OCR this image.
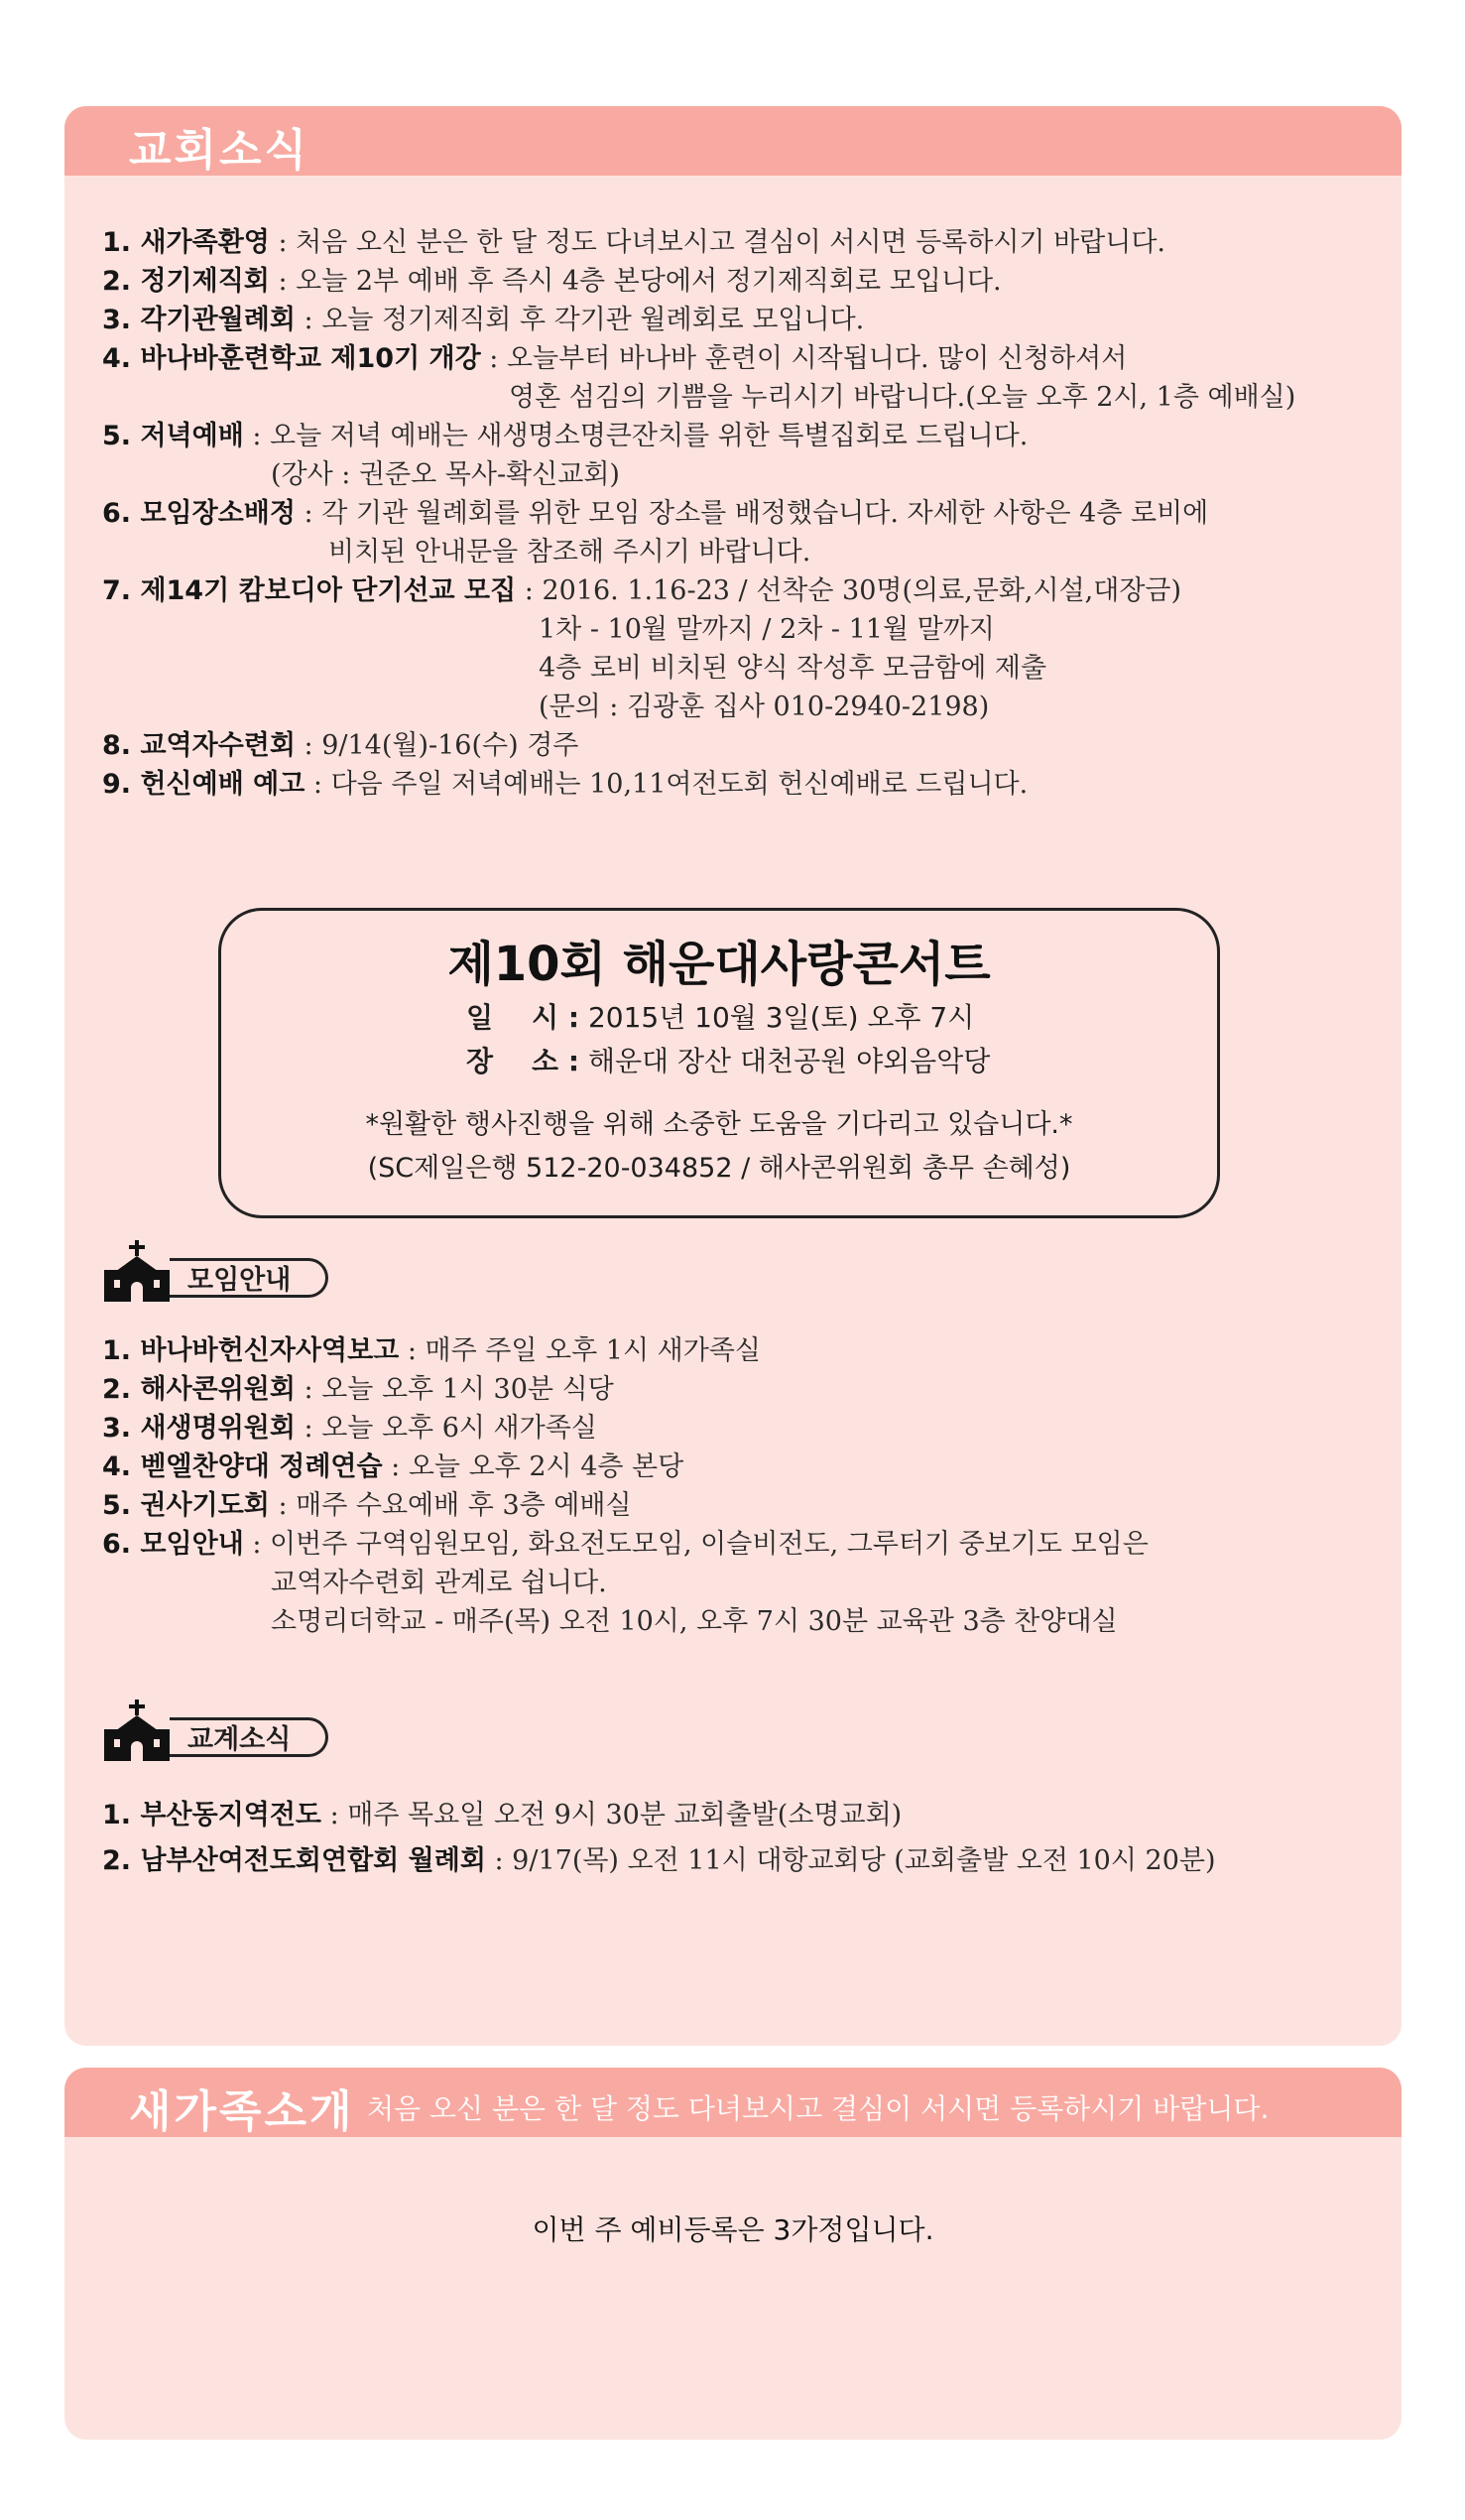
교회소식
1. 새가족환영 : 처음 오신 분은 한 달 정도 다녀보시고 결심이 서시면 등록하시기 바랍니다.
2. 정기제직회 : 오늘 2부 예배 후 즉시 4층 본당에서 정기제직회로 모입니다.
3. 각기관월례회 : 오늘 정기제직회 후 각기관 월례회로 모입니다.
4. 바나바훈련학교 제10기 개강 : 오늘부터 바나바 훈련이 시작됩니다. 많이 신청하셔서
영혼 섬김의 기쁨을 누리시기 바랍니다.(오늘 오후 2시, 1층 예배실)
5. 저녁예배 : 오늘 저녁 예배는 새생명소명큰잔치를 위한 특별집회로 드립니다.
(강사 : 권준오 목사-확신교회)
6. 모임장소배정 : 각 기관 월례회를 위한 모임 장소를 배정했습니다. 자세한 사항은 4층 로비에
비치된 안내문을 참조해 주시기 바랍니다.
7. 제14기 캄보디아 단기선교 모집 : 2016. 1.16-23 / 선착순 30명(의료,문화,시설,대장금)
1차 - 10월 말까지 / 2차 - 11월 말까지
4층 로비 비치된 양식 작성후 모금함에 제출
(문의 : 김광훈 집사 010-2940-2198)
8. 교역자수련회 : 9/14(월)-16(수) 경주
9. 헌신예배 예고 : 다음 주일 저녁예배는 10,11여전도회 헌신예배로 드립니다.
제10회 해운대사랑콘서트
일    시 : 2015년 10월 3일(토) 오후 7시
장    소 : 해운대 장산 대천공원 야외음악당
*원활한 행사진행을 위해 소중한 도움을 기다리고 있습니다.*
(SC제일은행 512-20-034852 / 해사콘위원회 총무 손혜성)
모임안내
1. 바나바헌신자사역보고 : 매주 주일 오후 1시 새가족실
2. 해사콘위원회 : 오늘 오후 1시 30분 식당
3. 새생명위원회 : 오늘 오후 6시 새가족실
4. 벧엘찬양대 정례연습 : 오늘 오후 2시 4층 본당
5. 권사기도회 : 매주 수요예배 후 3층 예배실
6. 모임안내 : 이번주 구역임원모임, 화요전도모임, 이슬비전도, 그루터기 중보기도 모임은
교역자수련회 관계로 쉽니다.
소명리더학교 - 매주(목) 오전 10시, 오후 7시 30분 교육관 3층 찬양대실
교계소식
1. 부산동지역전도 : 매주 목요일 오전 9시 30분 교회출발(소명교회)
2. 남부산여전도회연합회 월례회 : 9/17(목) 오전 11시 대항교회당 (교회출발 오전 10시 20분)
새가족소개 처음 오신 분은 한 달 정도 다녀보시고 결심이 서시면 등록하시기 바랍니다.
이번 주 예비등록은 3가정입니다.
